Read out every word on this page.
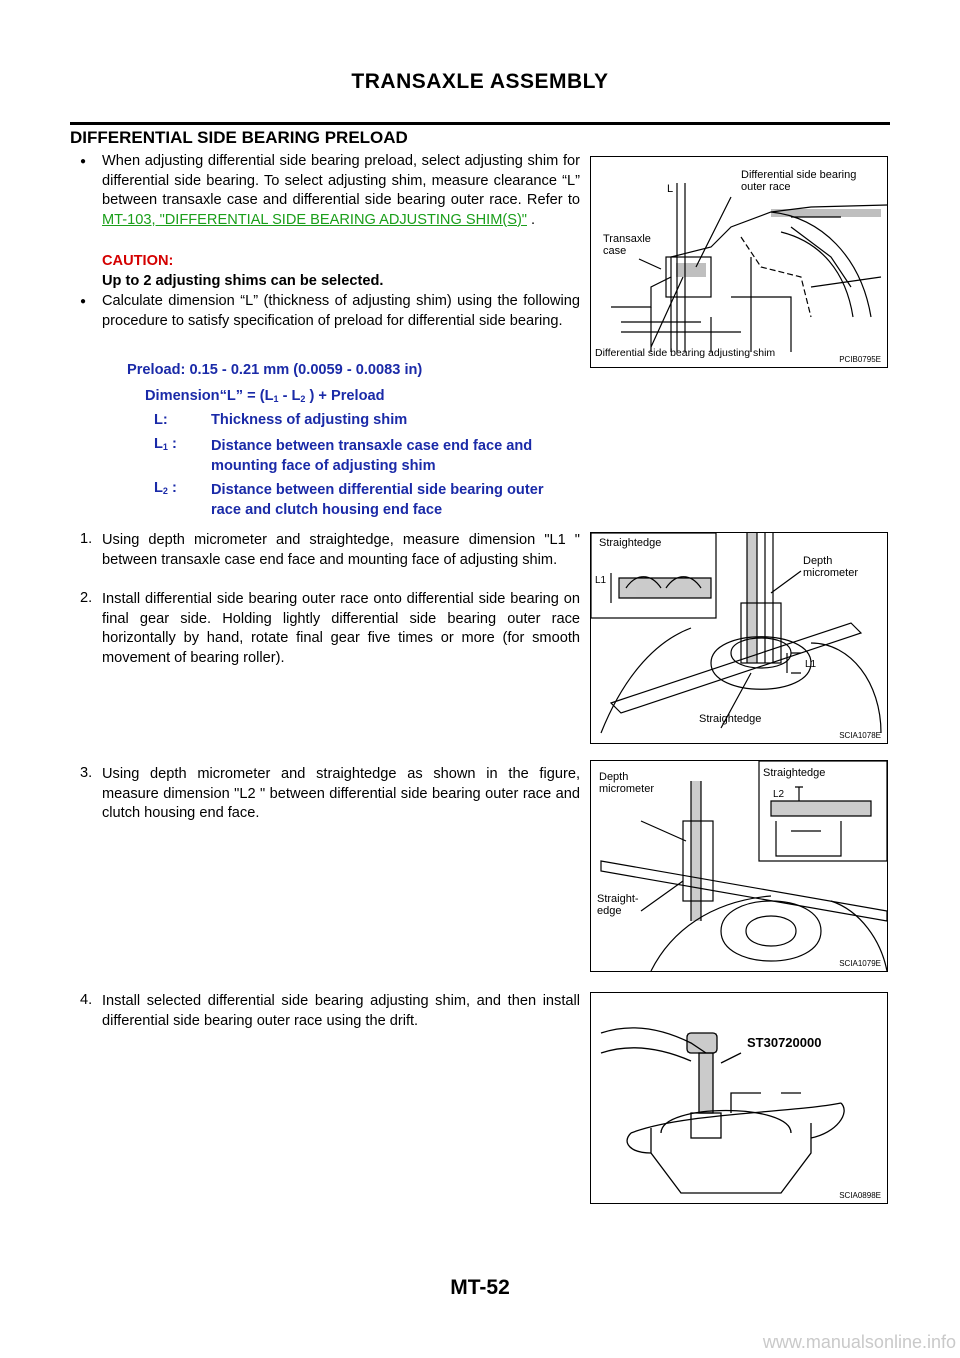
TRANSAXLE ASSEMBLY
DIFFERENTIAL SIDE BEARING PRELOAD
● When adjusting differential side bearing preload, select adjusting shim for differential side bearing. To select adjusting shim, measure clearance “L” between transaxle case and differential side bearing outer race. Refer to MT-103, "DIFFERENTIAL SIDE BEARING ADJUSTING SHIM(S)" .
CAUTION:
Up to 2 adjusting shims can be selected.
● Calculate dimension “L” (thickness of adjusting shim) using the following procedure to satisfy specification of preload for differential side bearing.
Preload: 0.15 - 0.21 mm (0.0059 - 0.0083 in)
Dimension“L” = ($L_1 - L_2$ ) + Preload
L:	Thickness of adjusting shim
$L_1$ : Distance between transaxle case end face and mounting face of adjusting shim
$L_2$ : Distance between differential side bearing outer race and clutch housing end face
1. Using depth micrometer and straightedge, measure dimension "L1 " between transaxle case end face and mounting face of adjusting shim.
2. Install differential side bearing outer race onto differential side bearing on final gear side. Holding lightly differential side bearing outer race horizontally by hand, rotate final gear five times or more (for smooth movement of bearing roller).
3. Using depth micrometer and straightedge as shown in the figure, measure dimension "L2 " between differential side bearing outer race and clutch housing end face.
4. Install selected differential side bearing adjusting shim, and then install differential side bearing outer race using the drift.
L
Differential side bearing
outer race
Transaxle
case
Differential side bearing adjusting shim
PCIB0795E
Straightedge
L1
Depth
micrometer
L1
Straightedge
SCIA1078E
Depth
micrometer
Straightedge
L2
Straight-
edge
SCIA1079E
ST30720000
SCIA0898E
MT-52
www.manualsonline.info
